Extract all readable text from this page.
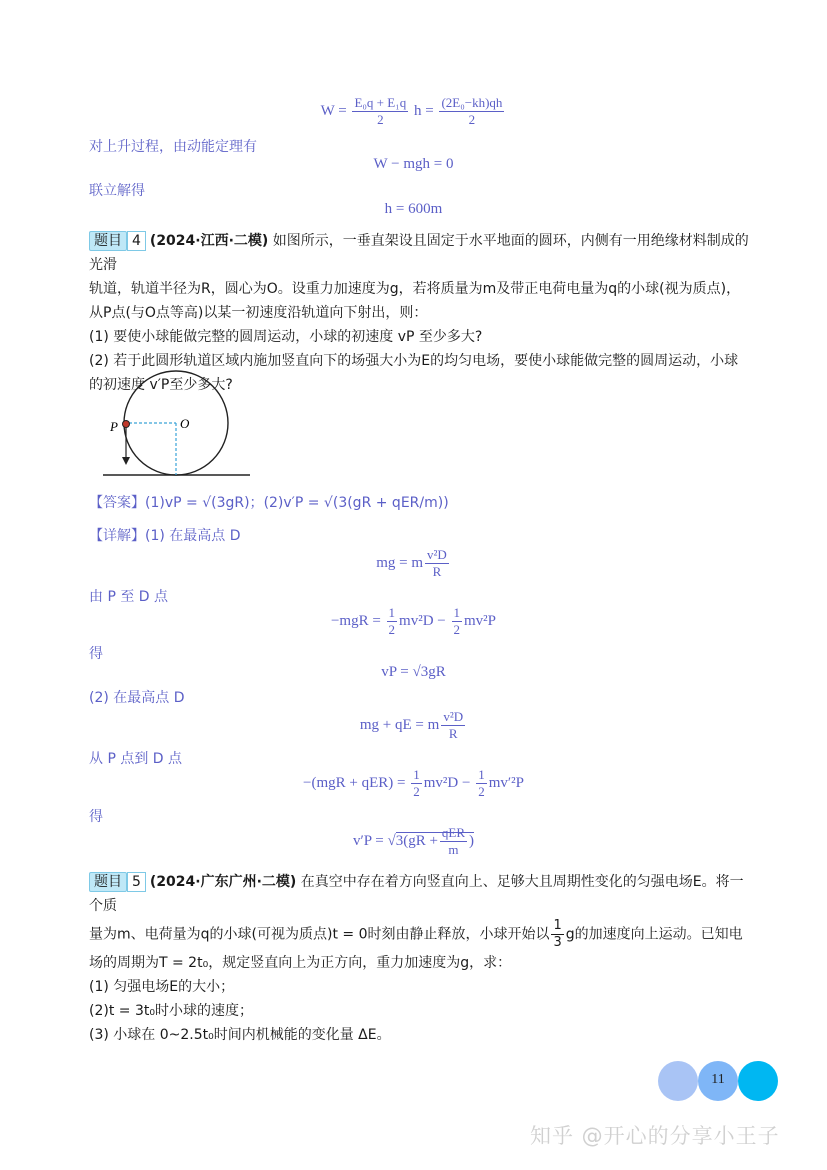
$W = \frac{\text{E₀q + E₁q}}{2}$ $h = \frac{\text{(2E₀−kh)qh}}{2}$
对上升过程，由动能定理有
W − mgh = 0
联立解得
h = 600m
题目 4 (2024·江西·二模) 如图所示，一垂直架设且固定于水平地面的圆环，内侧有一用绝缘材料制成的光滑
轨道，轨道半径为R，圆心为O。设重力加速度为g，若将质量为m及带正电荷电量为q的小球(视为质点)，
从P点(与O点等高)以某一初速度沿轨道向下射出，则：
(1) 要使小球能做完整的圆周运动，小球的初速度 vP 至少多大?
(2) 若于此圆形轨道区域内施加竖直向下的场强大小为E的均匀电场，要使小球能做完整的圆周运动，小球
的初速度 v′P至少多大?
P	O
【答案】(1)vP = √(3gR)；(2)v′P = √(3(gR + qER/m))
【详解】(1) 在最高点 D
mg = m $\frac{\text{v²D}}{R}$
由 P 至 D 点
$-mgR = \frac{1}{2} mv^2D - \frac{1}{2} mv^2P$
得
vP = √3gR
(2) 在最高点 D
mg + qE = m $\frac{\text{v²D}}{R}$
从 P 点到 D 点
$-(mgR + qER) = \frac{1}{2} mv^2D - \frac{1}{2} mv'^2P$
得
$v'P = √3(gR + \frac{\text{qER}}{m}$ )
题目 5 (2024·广东广州·二模) 在真空中存在着方向竖直向上、足够大且周期性变化的匀强电场E。将一个质
量为m、电荷量为q的小球(可视为质点)t = 0时刻由静止释放，小球开始以 $\frac{1}{3}$ g的加速度向上运动。已知电
场的周期为T = 2t₀，规定竖直向上为正方向，重力加速度为g，求：
(1) 匀强电场E的大小；
(2)t = 3t₀时小球的速度；
(3) 小球在 0~2.5t₀时间内机械能的变化量 ΔE。
11
知乎 @开心的分享小王子
